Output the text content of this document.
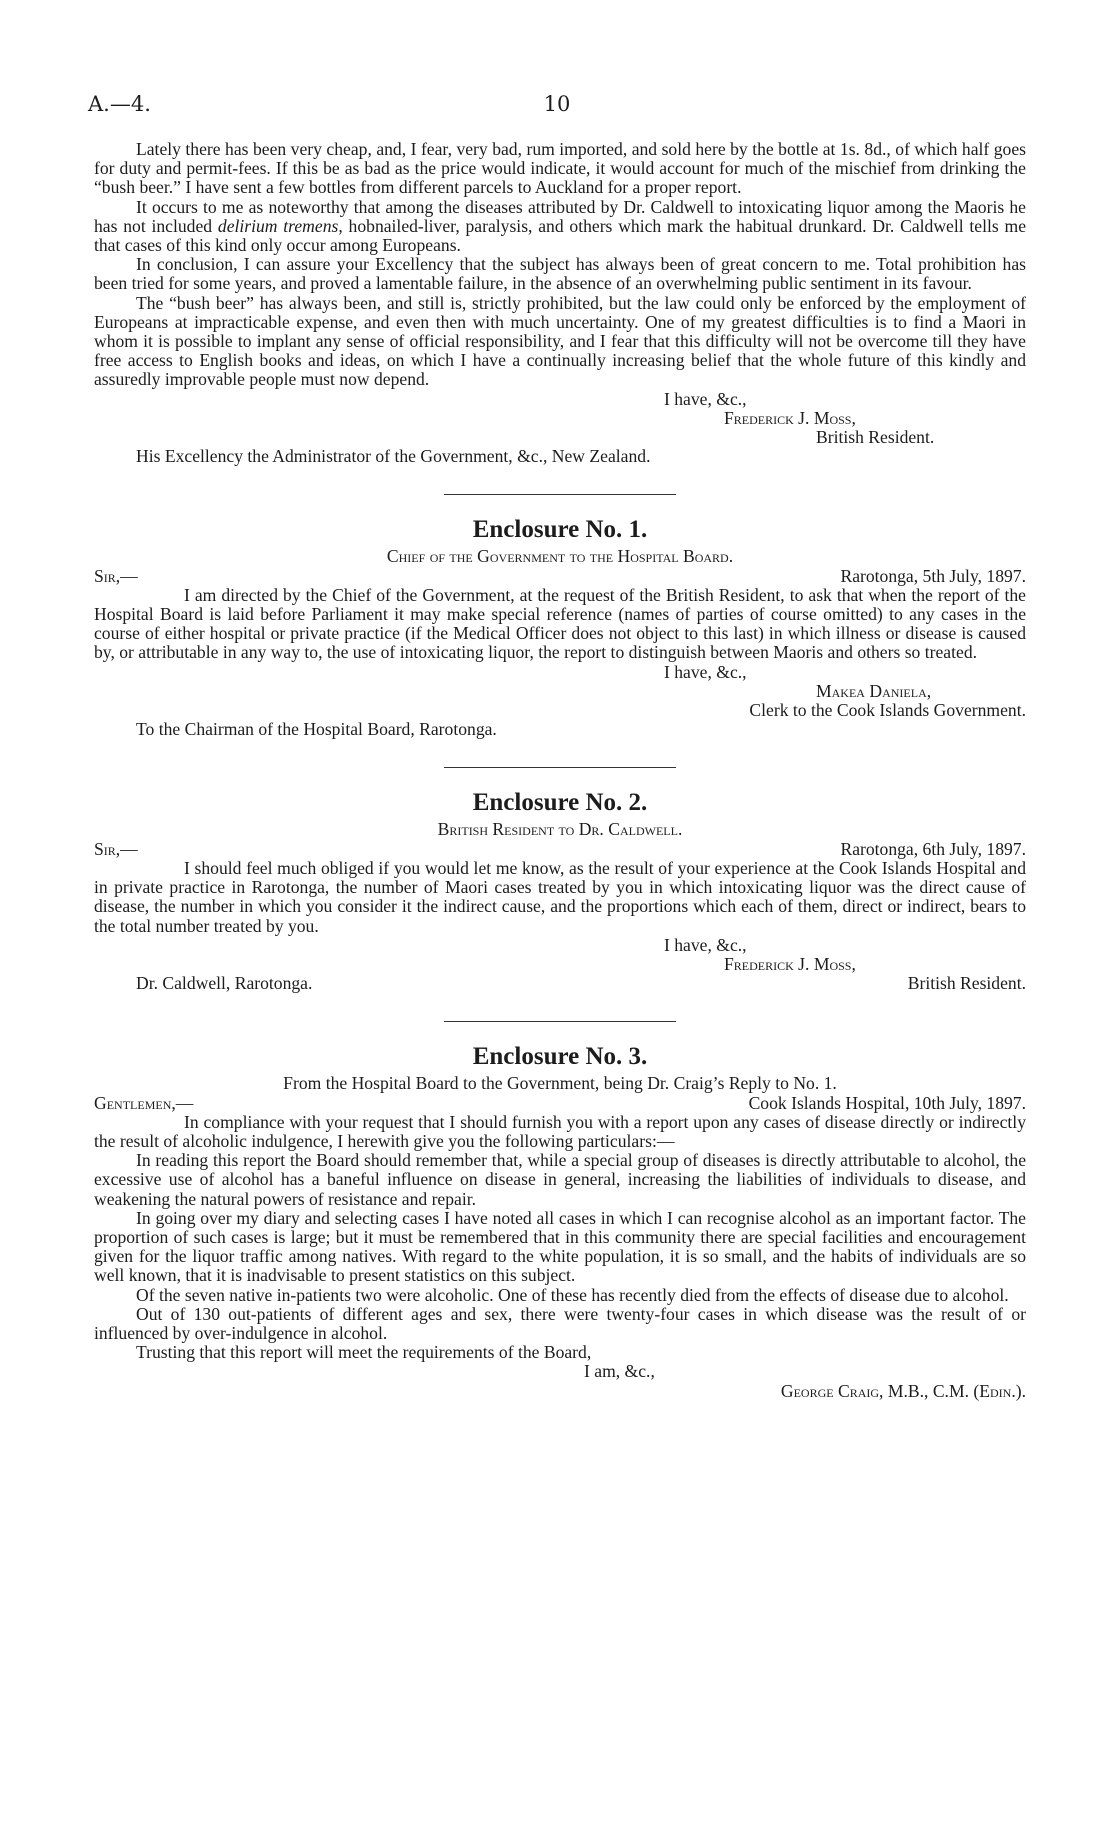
A.—4.	10

Lately there has been very cheap, and, I fear, very bad, rum imported, and sold here by the bottle at 1s. 8d., of which half goes for duty and permit-fees. If this be as bad as the price would indicate, it would account for much of the mischief from drinking the “bush beer.” I have sent a few bottles from different parcels to Auckland for a proper report.

It occurs to me as noteworthy that among the diseases attributed by Dr. Caldwell to intoxicating liquor among the Maoris he has not included delirium tremens, hobnailed-liver, paralysis, and others which mark the habitual drunkard. Dr. Caldwell tells me that cases of this kind only occur among Europeans.

In conclusion, I can assure your Excellency that the subject has always been of great concern to me. Total prohibition has been tried for some years, and proved a lamentable failure, in the absence of an overwhelming public sentiment in its favour.

The “bush beer” has always been, and still is, strictly prohibited, but the law could only be enforced by the employment of Europeans at impracticable expense, and even then with much uncertainty. One of my greatest difficulties is to find a Maori in whom it is possible to implant any sense of official responsibility, and I fear that this difficulty will not be overcome till they have free access to English books and ideas, on which I have a continually increasing belief that the whole future of this kindly and assuredly improvable people must now depend.

I have, &c.,

Frederick J. Moss,

British Resident.

His Excellency the Administrator of the Government, &c., New Zealand.

Enclosure No. 1.

Chief of the Government to the Hospital Board.

Sir,—	Rarotonga, 5th July, 1897.

I am directed by the Chief of the Government, at the request of the British Resident, to ask that when the report of the Hospital Board is laid before Parliament it may make special reference (names of parties of course omitted) to any cases in the course of either hospital or private practice (if the Medical Officer does not object to this last) in which illness or disease is caused by, or attributable in any way to, the use of intoxicating liquor, the report to distinguish between Maoris and others so treated.

I have, &c.,

Makea Daniela,

Clerk to the Cook Islands Government.

To the Chairman of the Hospital Board, Rarotonga.

Enclosure No. 2.

British Resident to Dr. Caldwell.

Sir,—	Rarotonga, 6th July, 1897.

I should feel much obliged if you would let me know, as the result of your experience at the Cook Islands Hospital and in private practice in Rarotonga, the number of Maori cases treated by you in which intoxicating liquor was the direct cause of disease, the number in which you consider it the indirect cause, and the proportions which each of them, direct or indirect, bears to the total number treated by you.

I have, &c.,

Frederick J. Moss,

Dr. Caldwell, Rarotonga.	British Resident.
Enclosure No. 3.

From the Hospital Board to the Government, being Dr. Craig’s Reply to No. 1.

Gentlemen,—	Cook Islands Hospital, 10th July, 1897.

In compliance with your request that I should furnish you with a report upon any cases of disease directly or indirectly the result of alcoholic indulgence, I herewith give you the following particulars:—

In reading this report the Board should remember that, while a special group of diseases is directly attributable to alcohol, the excessive use of alcohol has a baneful influence on disease in general, increasing the liabilities of individuals to disease, and weakening the natural powers of resistance and repair.

In going over my diary and selecting cases I have noted all cases in which I can recognise alcohol as an important factor. The proportion of such cases is large; but it must be remembered that in this community there are special facilities and encouragement given for the liquor traffic among natives. With regard to the white population, it is so small, and the habits of individuals are so well known, that it is inadvisable to present statistics on this subject.

Of the seven native in-patients two were alcoholic. One of these has recently died from the effects of disease due to alcohol.

Out of 130 out-patients of different ages and sex, there were twenty-four cases in which disease was the result of or influenced by over-indulgence in alcohol.

Trusting that this report will meet the requirements of the Board,

I am, &c.,

George Craig, M.B., C.M. (Edin.).
